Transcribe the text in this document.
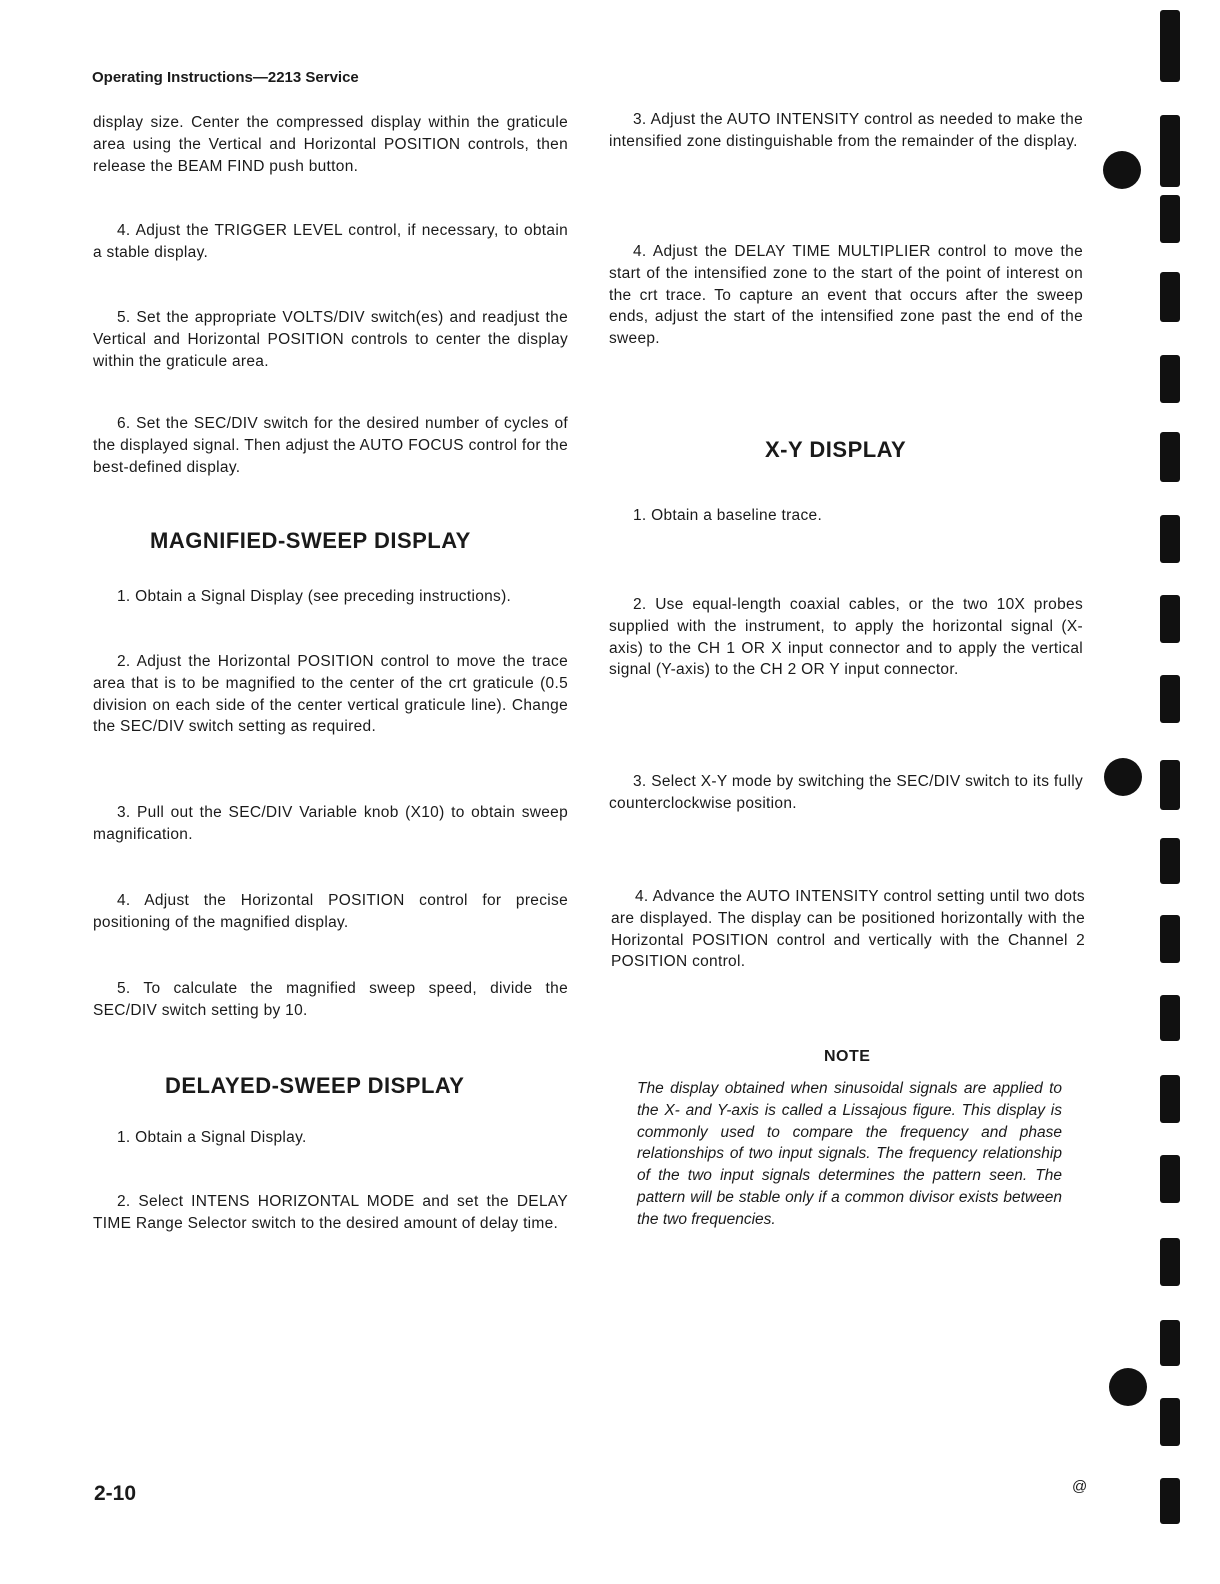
Operating Instructions—2213 Service
display size. Center the compressed display within the graticule area using the Vertical and Horizontal POSITION controls, then release the BEAM FIND push button.
4. Adjust the TRIGGER LEVEL control, if necessary, to obtain a stable display.
5. Set the appropriate VOLTS/DIV switch(es) and readjust the Vertical and Horizontal POSITION controls to center the display within the graticule area.
6. Set the SEC/DIV switch for the desired number of cycles of the displayed signal. Then adjust the AUTO FOCUS control for the best-defined display.
MAGNIFIED-SWEEP DISPLAY
1. Obtain a Signal Display (see preceding instructions).
2. Adjust the Horizontal POSITION control to move the trace area that is to be magnified to the center of the crt graticule (0.5 division on each side of the center vertical graticule line). Change the SEC/DIV switch setting as required.
3. Pull out the SEC/DIV Variable knob (X10) to obtain sweep magnification.
4. Adjust the Horizontal POSITION control for precise positioning of the magnified display.
5. To calculate the magnified sweep speed, divide the SEC/DIV switch setting by 10.
DELAYED-SWEEP DISPLAY
1. Obtain a Signal Display.
2. Select INTENS HORIZONTAL MODE and set the DELAY TIME Range Selector switch to the desired amount of delay time.
3. Adjust the AUTO INTENSITY control as needed to make the intensified zone distinguishable from the remainder of the display.
4. Adjust the DELAY TIME MULTIPLIER control to move the start of the intensified zone to the start of the point of interest on the crt trace. To capture an event that occurs after the sweep ends, adjust the start of the intensified zone past the end of the sweep.
X-Y DISPLAY
1. Obtain a baseline trace.
2. Use equal-length coaxial cables, or the two 10X probes supplied with the instrument, to apply the horizontal signal (X-axis) to the CH 1 OR X input connector and to apply the vertical signal (Y-axis) to the CH 2 OR Y input connector.
3. Select X-Y mode by switching the SEC/DIV switch to its fully counterclockwise position.
4. Advance the AUTO INTENSITY control setting until two dots are displayed. The display can be positioned horizontally with the Horizontal POSITION control and vertically with the Channel 2 POSITION control.
NOTE
The display obtained when sinusoidal signals are applied to the X- and Y-axis is called a Lissajous figure. This display is commonly used to compare the frequency and phase relationships of two input signals. The frequency relationship of the two input signals determines the pattern seen. The pattern will be stable only if a common divisor exists between the two frequencies.
2-10	@
